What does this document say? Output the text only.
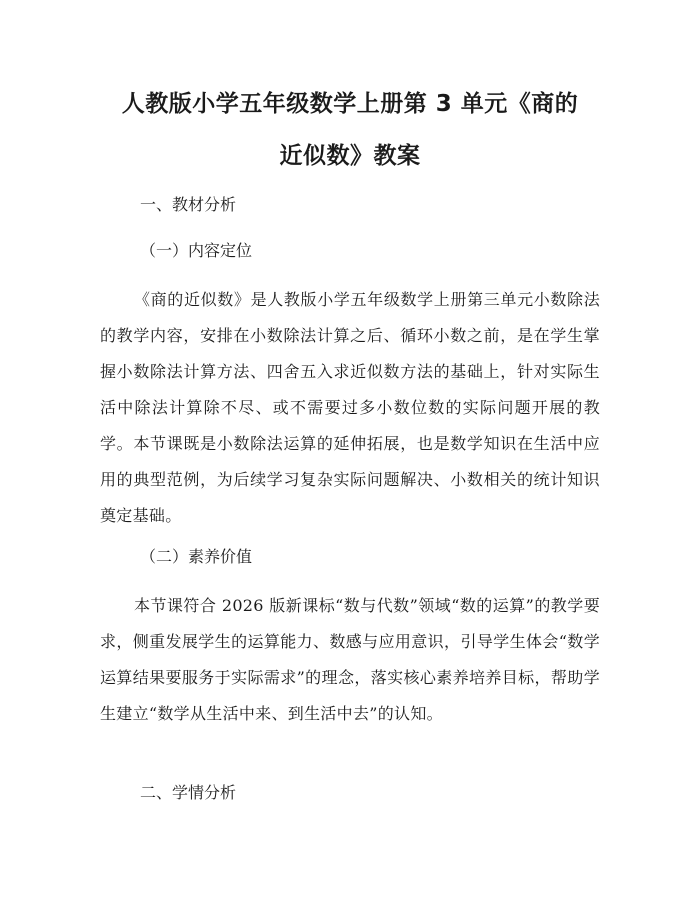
人教版小学五年级数学上册第 3 单元《商的
近似数》教案

一、教材分析

（一）内容定位

《商的近似数》是人教版小学五年级数学上册第三单元小数除法的教学内容，安排在小数除法计算之后、循环小数之前，是在学生掌握小数除法计算方法、四舍五入求近似数方法的基础上，针对实际生活中除法计算除不尽、或不需要过多小数位数的实际问题开展的教学。本节课既是小数除法运算的延伸拓展，也是数学知识在生活中应用的典型范例，为后续学习复杂实际问题解决、小数相关的统计知识奠定基础。

（二）素养价值

本节课符合 2026 版新课标“数与代数”领域“数的运算”的教学要求，侧重发展学生的运算能力、数感与应用意识，引导学生体会“数学运算结果要服务于实际需求”的理念，落实核心素养培养目标，帮助学生建立“数学从生活中来、到生活中去”的认知。

二、学情分析
